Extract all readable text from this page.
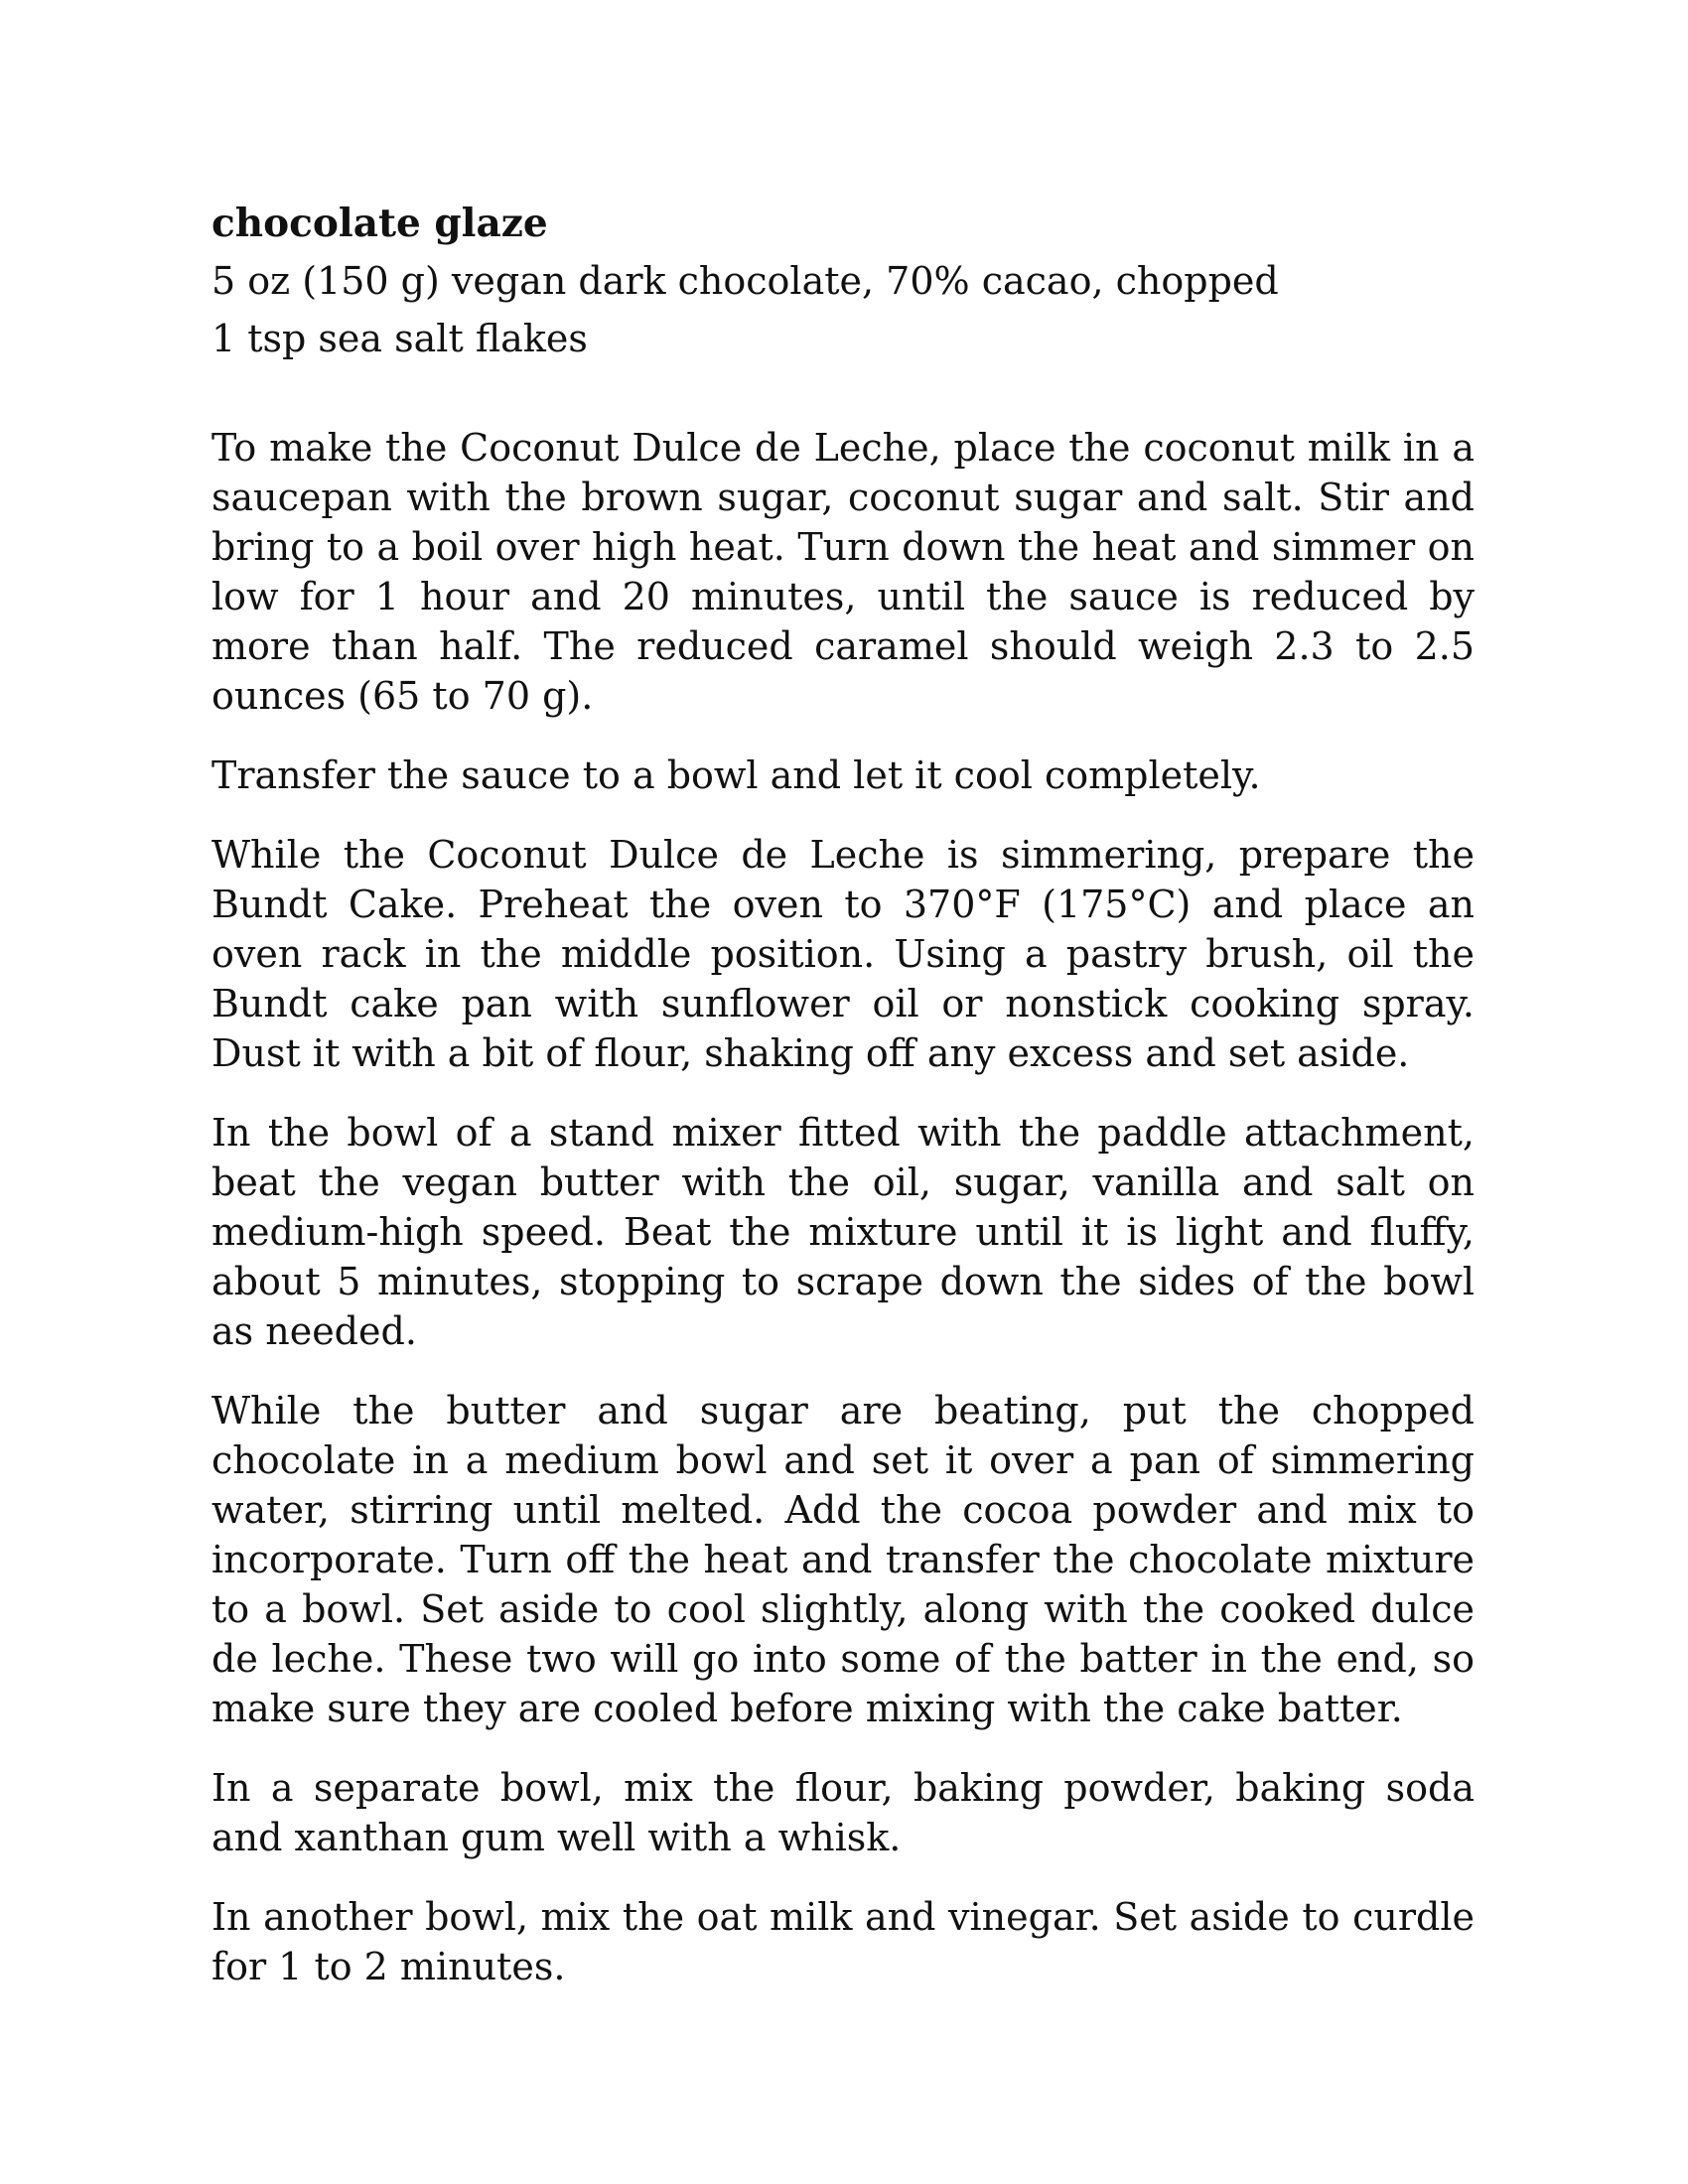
chocolate glaze

5 oz (150 g) vegan dark chocolate, 70% cacao, chopped

1 tsp sea salt flakes

To make the Coconut Dulce de Leche, place the coconut milk in a saucepan with the brown sugar, coconut sugar and salt. Stir and bring to a boil over high heat. Turn down the heat and simmer on low for 1 hour and 20 minutes, until the sauce is reduced by more than half. The reduced caramel should weigh 2.3 to 2.5 ounces (65 to 70 g).

Transfer the sauce to a bowl and let it cool completely.

While the Coconut Dulce de Leche is simmering, prepare the Bundt Cake. Preheat the oven to 370°F (175°C) and place an oven rack in the middle position. Using a pastry brush, oil the Bundt cake pan with sunflower oil or nonstick cooking spray. Dust it with a bit of flour, shaking off any excess and set aside.

In the bowl of a stand mixer fitted with the paddle attachment, beat the vegan butter with the oil, sugar, vanilla and salt on medium-high speed. Beat the mixture until it is light and fluffy, about 5 minutes, stopping to scrape down the sides of the bowl as needed.

While the butter and sugar are beating, put the chopped chocolate in a medium bowl and set it over a pan of simmering water, stirring until melted. Add the cocoa powder and mix to incorporate. Turn off the heat and transfer the chocolate mixture to a bowl. Set aside to cool slightly, along with the cooked dulce de leche. These two will go into some of the batter in the end, so make sure they are cooled before mixing with the cake batter.

In a separate bowl, mix the flour, baking powder, baking soda and xanthan gum well with a whisk.

In another bowl, mix the oat milk and vinegar. Set aside to curdle for 1 to 2 minutes.
